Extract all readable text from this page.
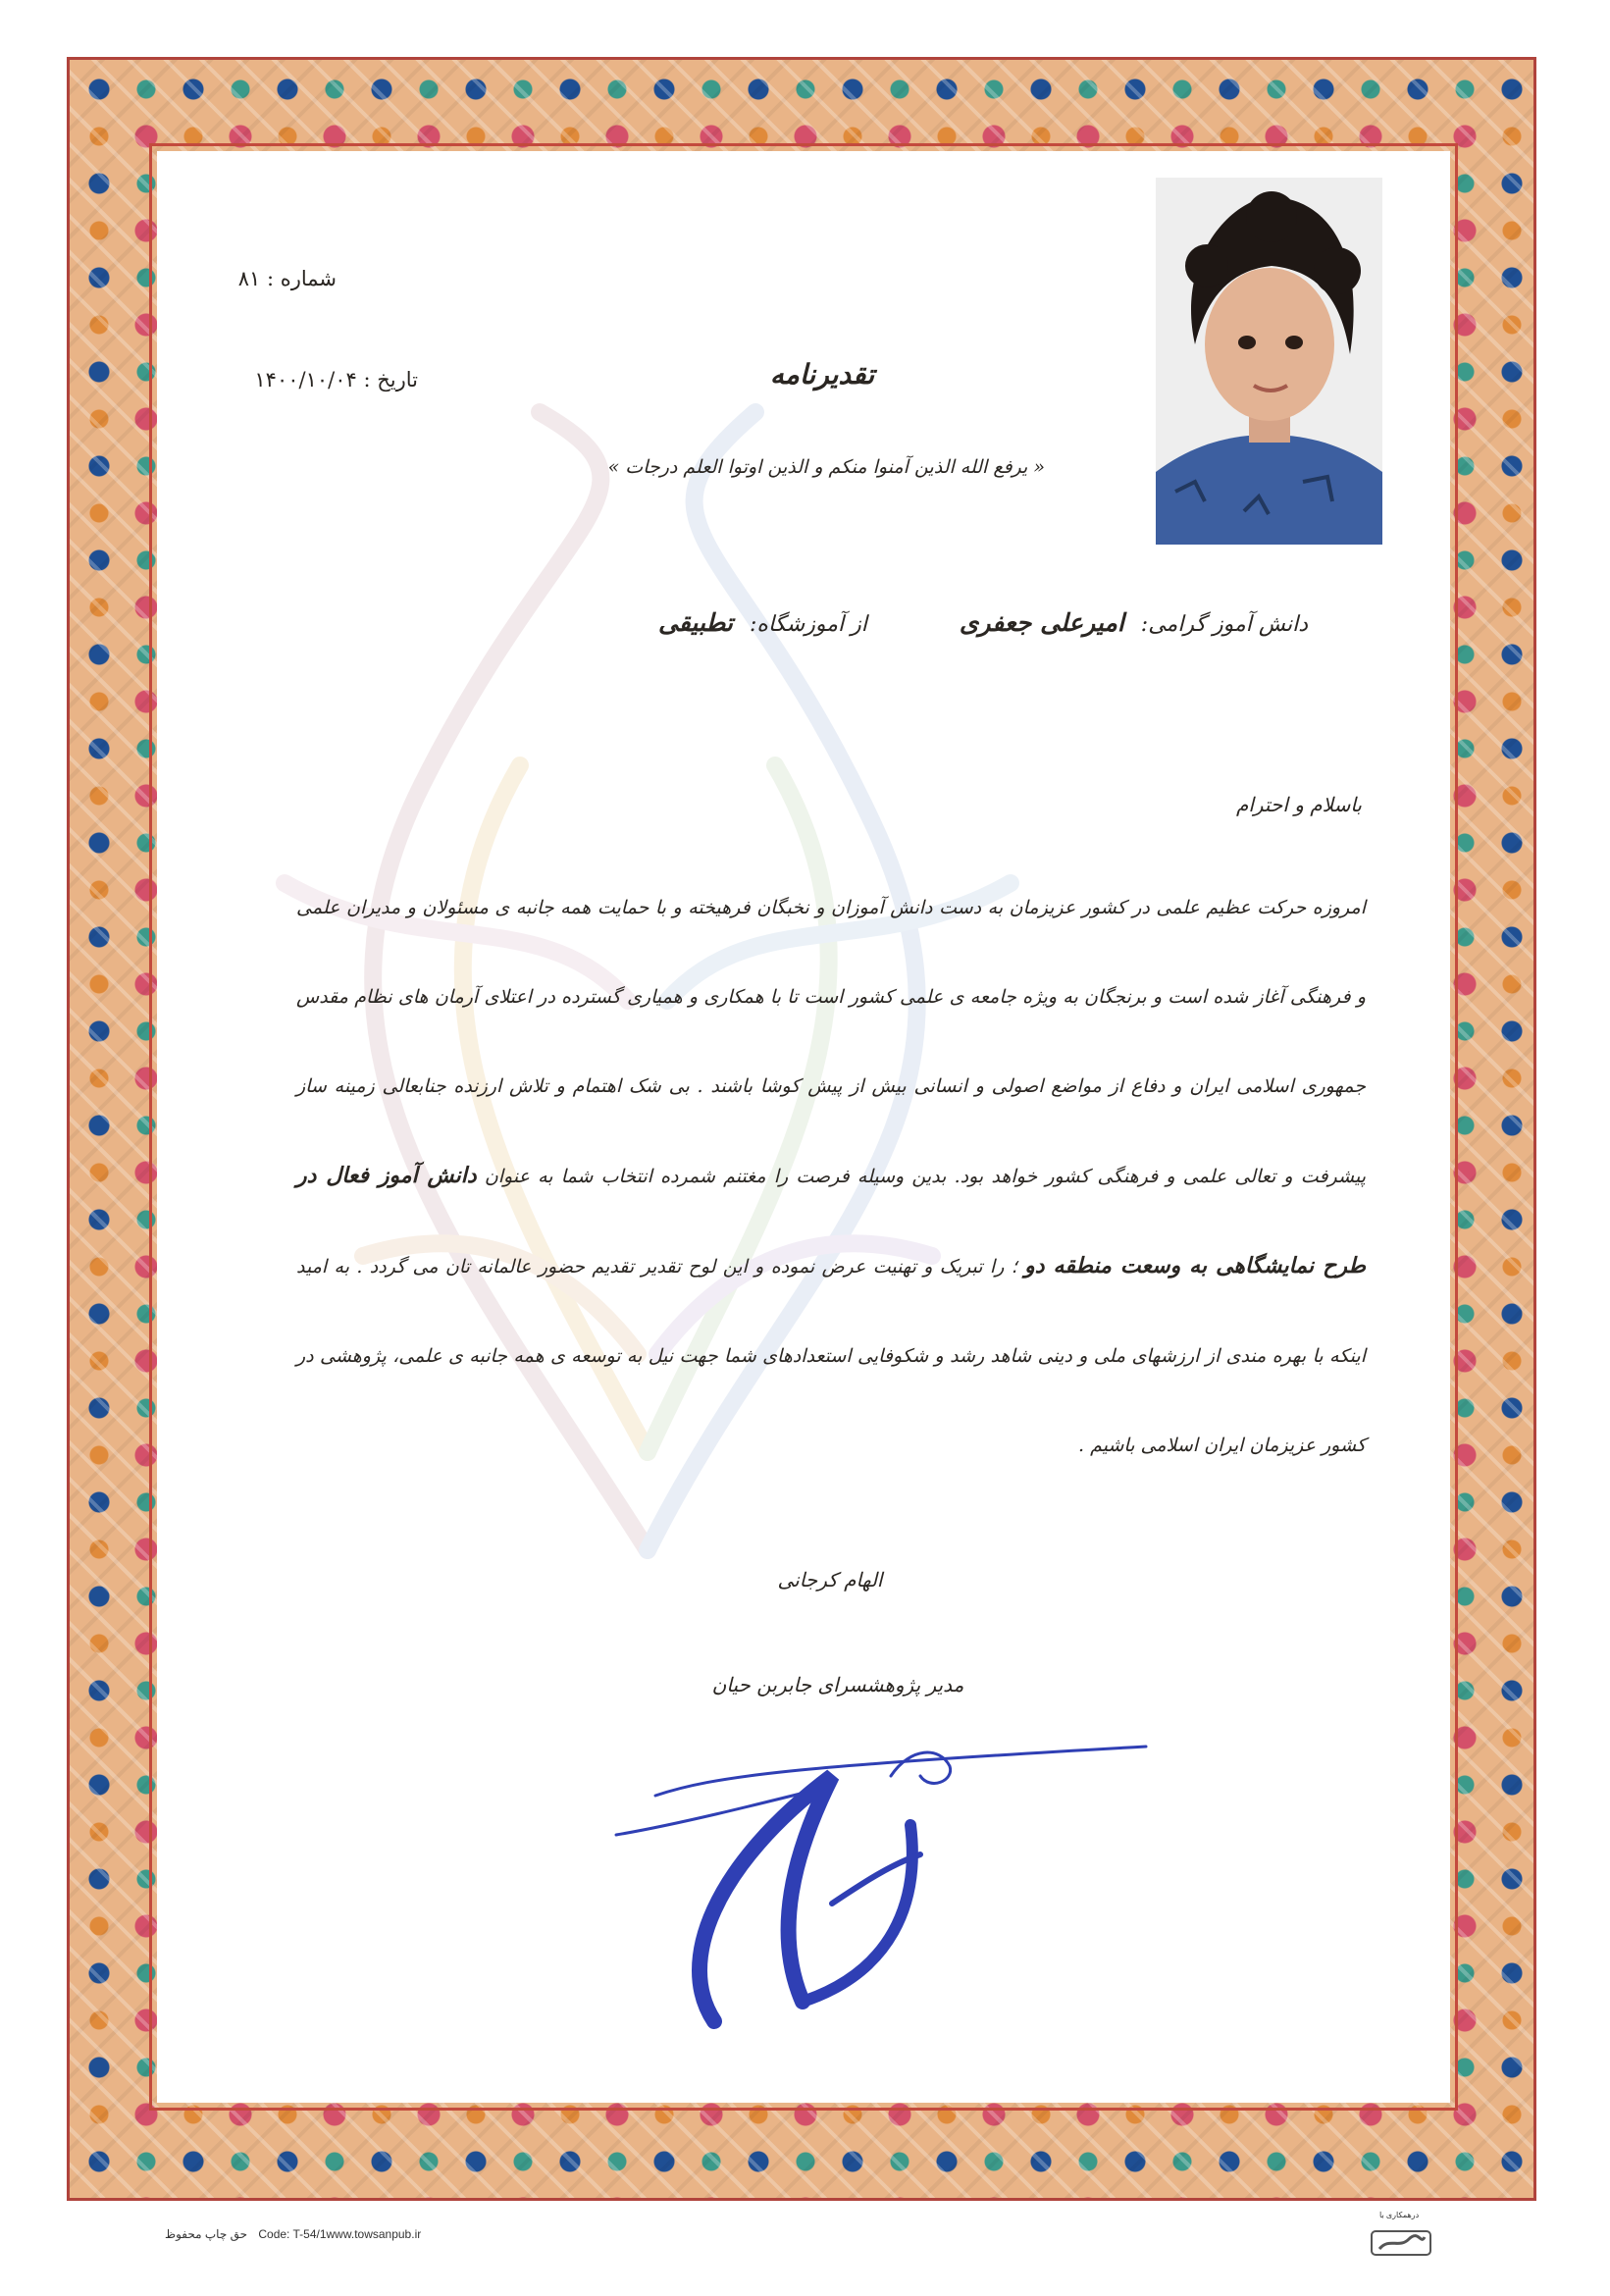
شماره : ۸۱
تاریخ : ۱۴۰۰/۱۰/۰۴	تقدیرنامه
« یرفع الله الذین آمنوا منکم و الذین اوتوا العلم درجات »
دانش آموز گرامی: امیرعلی جعفری  از آموزشگاه: تطبیقی
باسلام و احترام
امروزه حرکت عظیم علمی در کشور عزیزمان به دست دانش آموزان و نخبگان فرهیخته و با حمایت همه جانبه ی مسئولان و مدیران علمی و فرهنگی آغاز شده است و برنجگان به ویژه جامعه ی علمی کشور است تا با همکاری و همیاری گسترده در اعتلای آرمان های نظام مقدس جمهوری اسلامی ایران و دفاع از مواضع اصولی و انسانی بیش از پیش کوشا باشند . بی شک اهتمام و تلاش ارزنده جنابعالی زمینه ساز پیشرفت و تعالی علمی و فرهنگی کشور خواهد بود. بدین وسیله فرصت را مغتنم شمرده انتخاب شما به عنوان دانش آموز فعال در طرح نمایشگاهی به وسعت منطقه دو ؛ را تبریک و تهنیت عرض نموده و این لوح تقدیر تقدیم حضور عالمانه تان می گردد . به امید اینکه با بهره مندی از ارزشهای ملی و دینی شاهد رشد و شکوفایی استعدادهای شما جهت نیل به توسعه ی همه جانبه ی علمی، پژوهشی در کشور عزیزمان ایران اسلامی باشیم .
الهام کرجانی
مدیر پژوهشسرای جابربن حیان
حق چاپ محفوظ Code: T-54/1www.towsanpub.ir
درهمکاری با
